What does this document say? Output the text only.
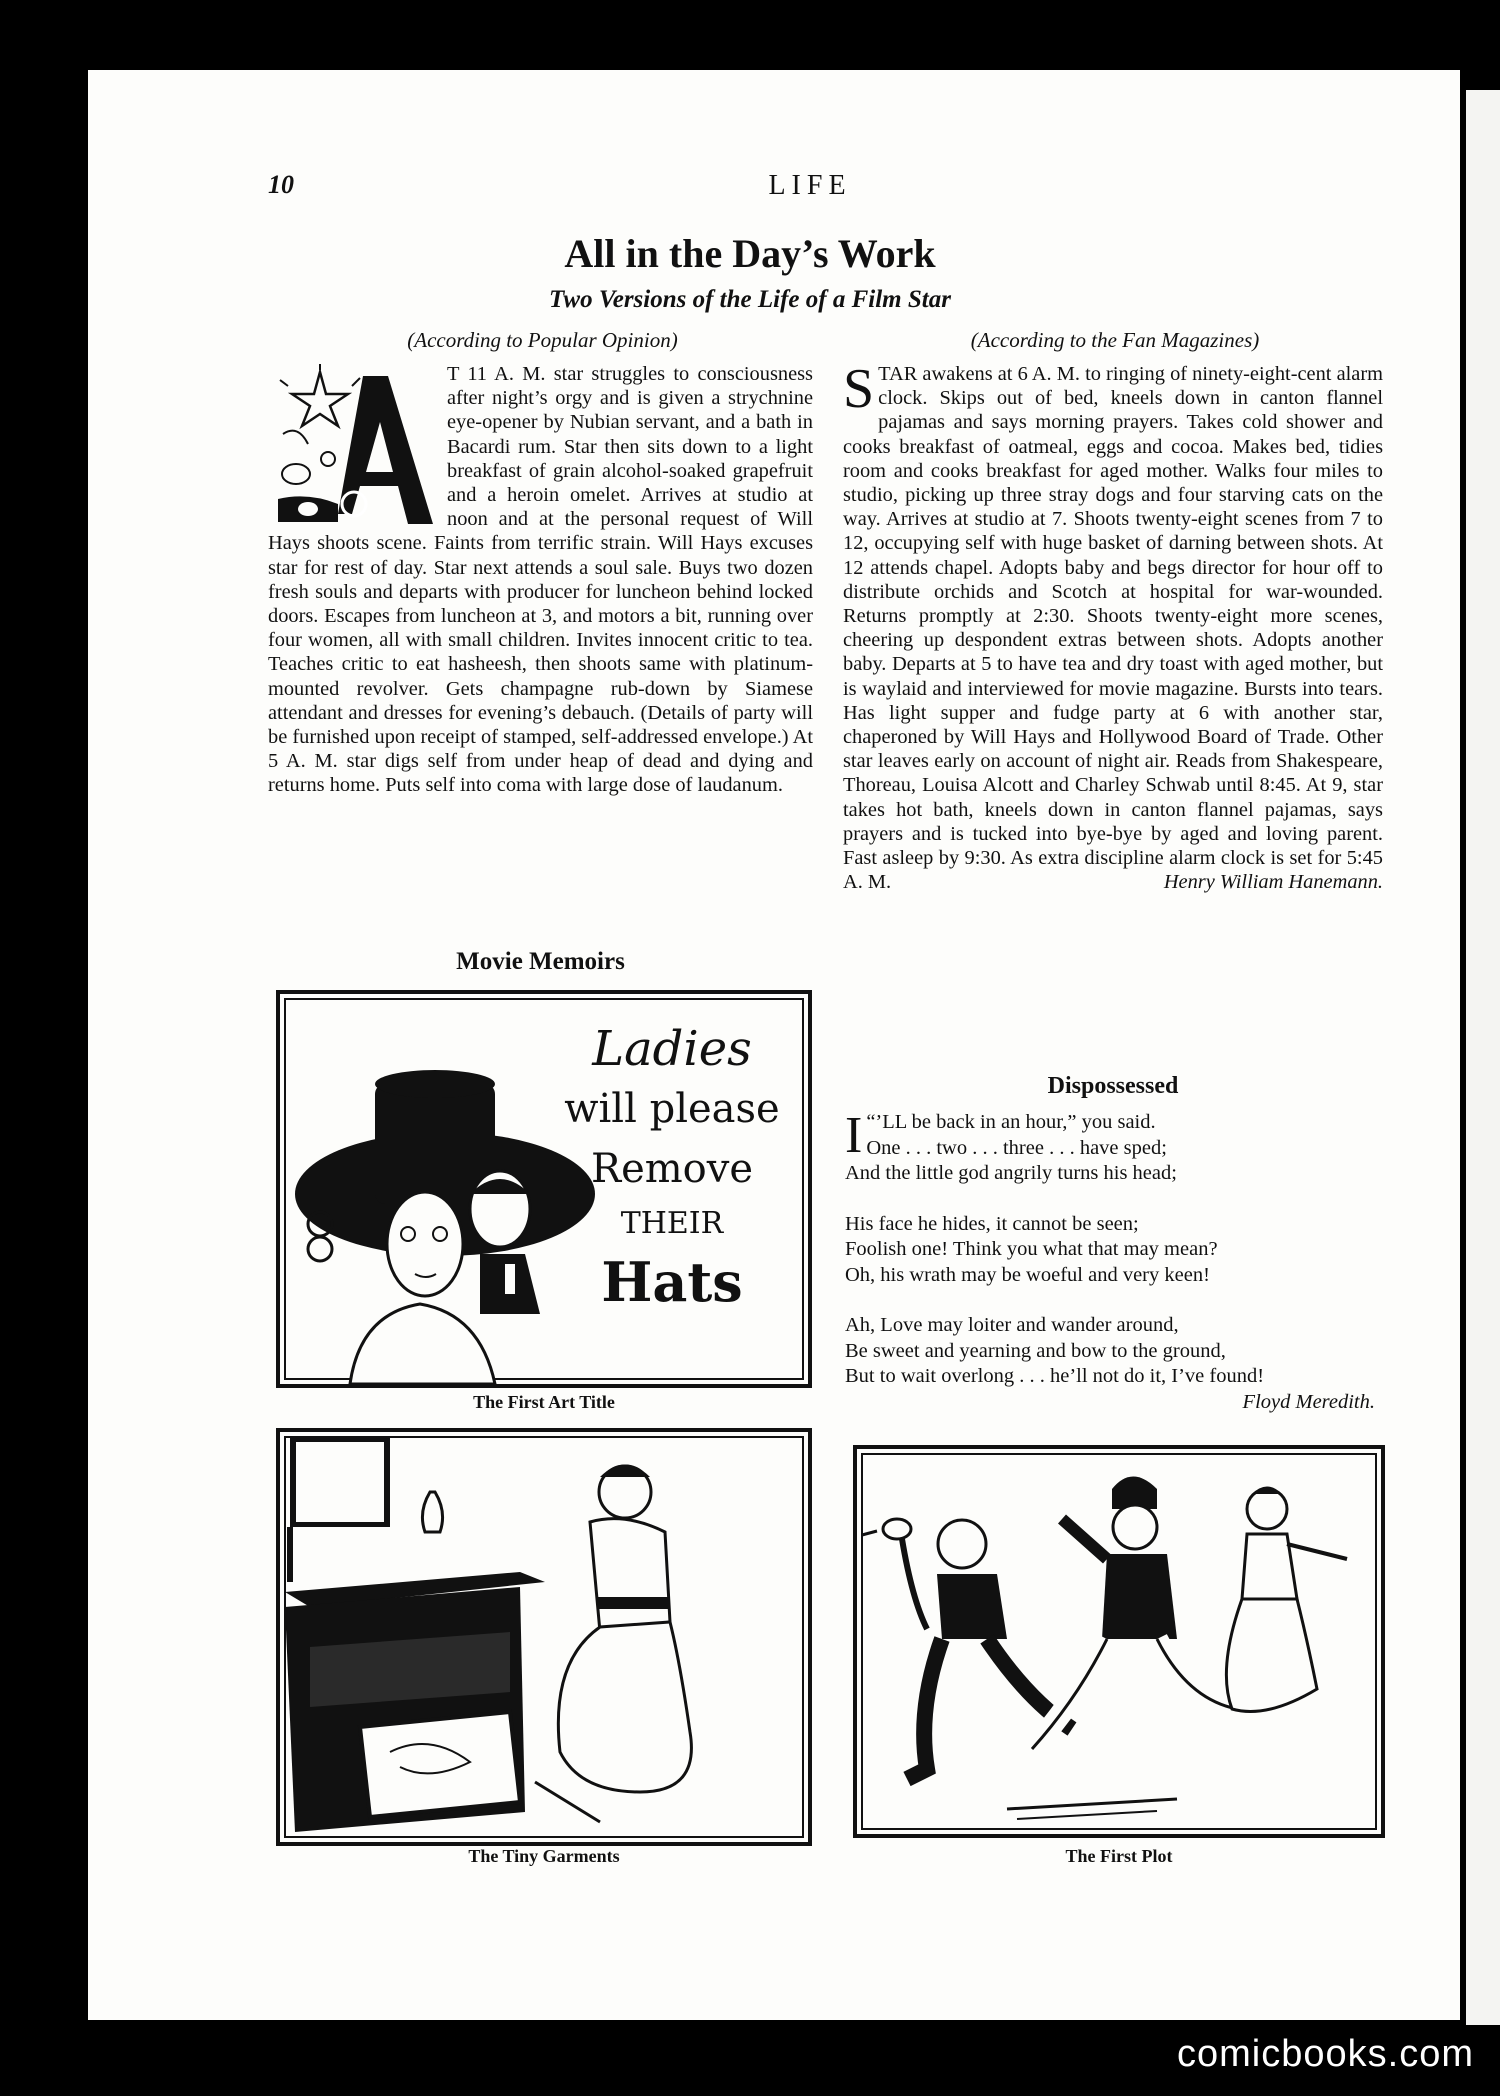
10	LIFE
All in the Day’s Work
Two Versions of the Life of a Film Star
(According to Popular Opinion)	(According to the Fan Magazines)

T 11 A. M. star struggles to consciousness after night’s orgy and is given a strychnine eye-opener by Nubian servant, and a bath in Bacardi rum. Star then sits down to a light breakfast of grain alcohol-soaked grapefruit and a heroin omelet. Arrives at studio at noon and at the personal request of Will Hays shoots scene. Faints from terrific strain. Will Hays excuses star for rest of day. Star next attends a soul sale. Buys two dozen fresh souls and departs with producer for luncheon behind locked doors. Escapes from luncheon at 3, and motors a bit, running over four women, all with small children. Invites innocent critic to tea. Teaches critic to eat hasheesh, then shoots same with platinum-mounted revolver. Gets champagne rub-down by Siamese attendant and dresses for evening’s debauch. (Details of party will be furnished upon receipt of stamped, self-addressed envelope.) At 5 A. M. star digs self from under heap of dead and dying and returns home. Puts self into coma with large dose of laudanum.

S TAR awakens at 6 A. M. to ringing of ninety-eight-cent alarm clock. Skips out of bed, kneels down in canton flannel pajamas and says morning prayers. Takes cold shower and cooks breakfast of oatmeal, eggs and cocoa. Makes bed, tidies room and cooks breakfast for aged mother. Walks four miles to studio, picking up three stray dogs and four starving cats on the way. Arrives at studio at 7. Shoots twenty-eight scenes from 7 to 12, occupying self with huge basket of darning between shots. At 12 attends chapel. Adopts baby and begs director for hour off to distribute orchids and Scotch at hospital for war-wounded. Returns promptly at 2:30. Shoots twenty-eight more scenes, cheering up despondent extras between shots. Adopts another baby. Departs at 5 to have tea and dry toast with aged mother, but is waylaid and interviewed for movie magazine. Bursts into tears. Has light supper and fudge party at 6 with another star, chaperoned by Will Hays and Hollywood Board of Trade. Other star leaves early on account of night air. Reads from Shakespeare, Thoreau, Louisa Alcott and Charley Schwab until 8:45. At 9, star takes hot bath, kneels down in canton flannel pajamas, says prayers and is tucked into bye-bye by aged and loving parent. Fast asleep by 9:30. As extra discipline alarm clock is set for 5:45 A. M.	Henry William Hanemann.
Movie Memoirs
Ladies
will please
Remove
THEIR
Hats
The First Art Title
The Tiny Garments
Dispossessed
I “’LL be back in an hour,” you said.
One . . . two . . . three . . . have sped;
And the little god angrily turns his head;
His face he hides, it cannot be seen;
Foolish one! Think you what that may mean?
Oh, his wrath may be woeful and very keen!
Ah, Love may loiter and wander around,
Be sweet and yearning and bow to the ground,
But to wait overlong . . . he’ll not do it, I’ve found!
Floyd Meredith.
The First Plot
comicbooks.com
